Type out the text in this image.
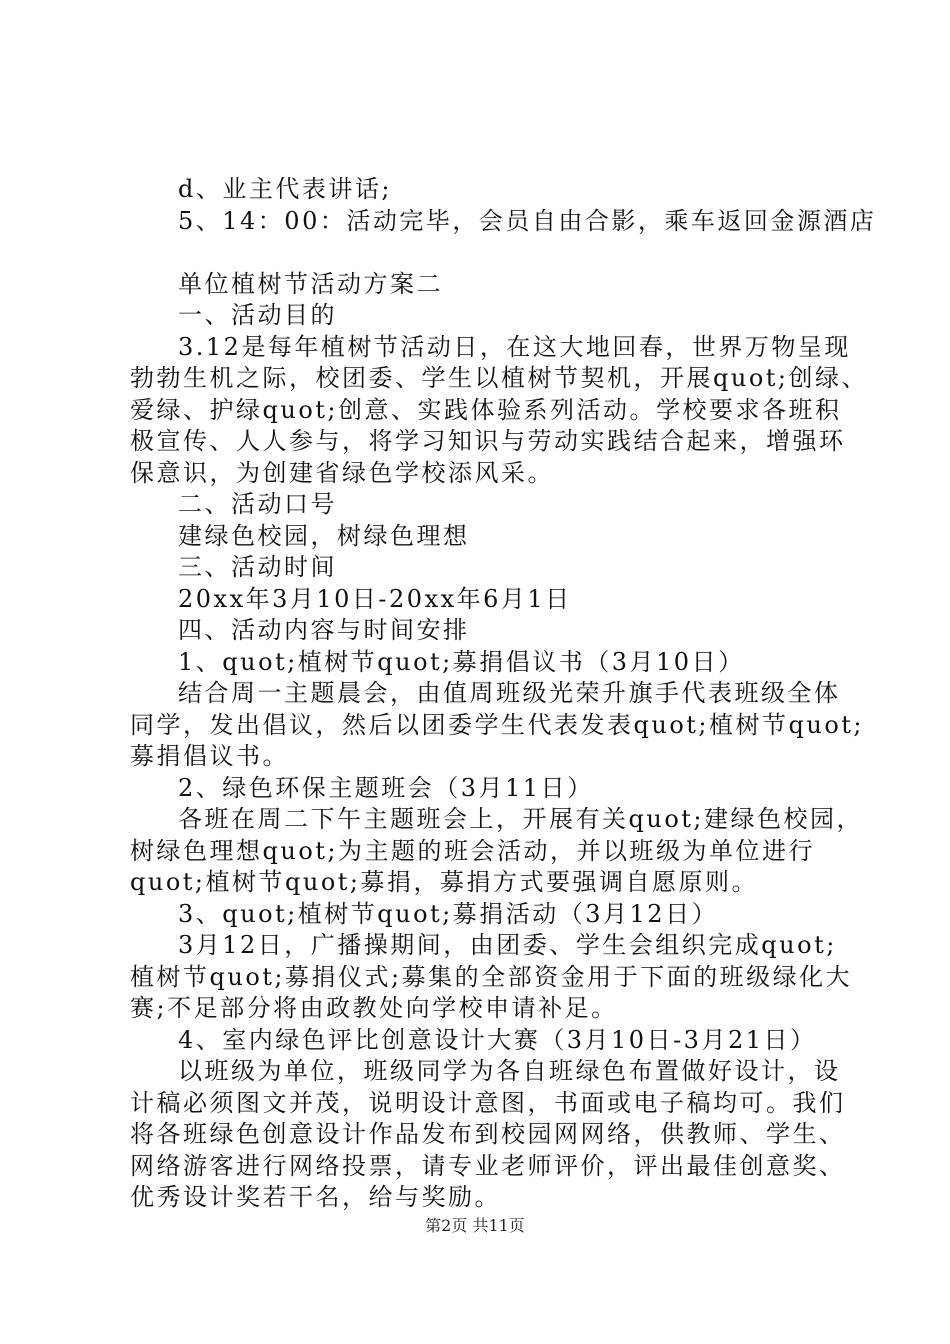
d、业主代表讲话;
5、14：00：活动完毕，会员自由合影，乘车返回金源酒店
单位植树节活动方案二
一、活动目的
3.12是每年植树节活动日，在这大地回春，世界万物呈现
勃勃生机之际，校团委、学生以植树节契机，开展quot;创绿、
爱绿、护绿quot;创意、实践体验系列活动。学校要求各班积
极宣传、人人参与，将学习知识与劳动实践结合起来，增强环
保意识，为创建省绿色学校添风采。
二、活动口号
建绿色校园，树绿色理想
三、活动时间
20xx年3月10日-20xx年6月1日
四、活动内容与时间安排
1、quot;植树节quot;募捐倡议书（3月10日）
结合周一主题晨会，由值周班级光荣升旗手代表班级全体
同学，发出倡议，然后以团委学生代表发表quot;植树节quot;
募捐倡议书。
2、绿色环保主题班会（3月11日）
各班在周二下午主题班会上，开展有关quot;建绿色校园，
树绿色理想quot;为主题的班会活动，并以班级为单位进行
quot;植树节quot;募捐，募捐方式要强调自愿原则。
3、quot;植树节quot;募捐活动（3月12日）
3月12日，广播操期间，由团委、学生会组织完成quot;
植树节quot;募捐仪式;募集的全部资金用于下面的班级绿化大
赛;不足部分将由政教处向学校申请补足。
4、室内绿色评比创意设计大赛（3月10日-3月21日）
以班级为单位，班级同学为各自班绿色布置做好设计，设
计稿必须图文并茂，说明设计意图，书面或电子稿均可。我们
将各班绿色创意设计作品发布到校园网网络，供教师、学生、
网络游客进行网络投票，请专业老师评价，评出最佳创意奖、
优秀设计奖若干名，给与奖励。
第2页 共11页
